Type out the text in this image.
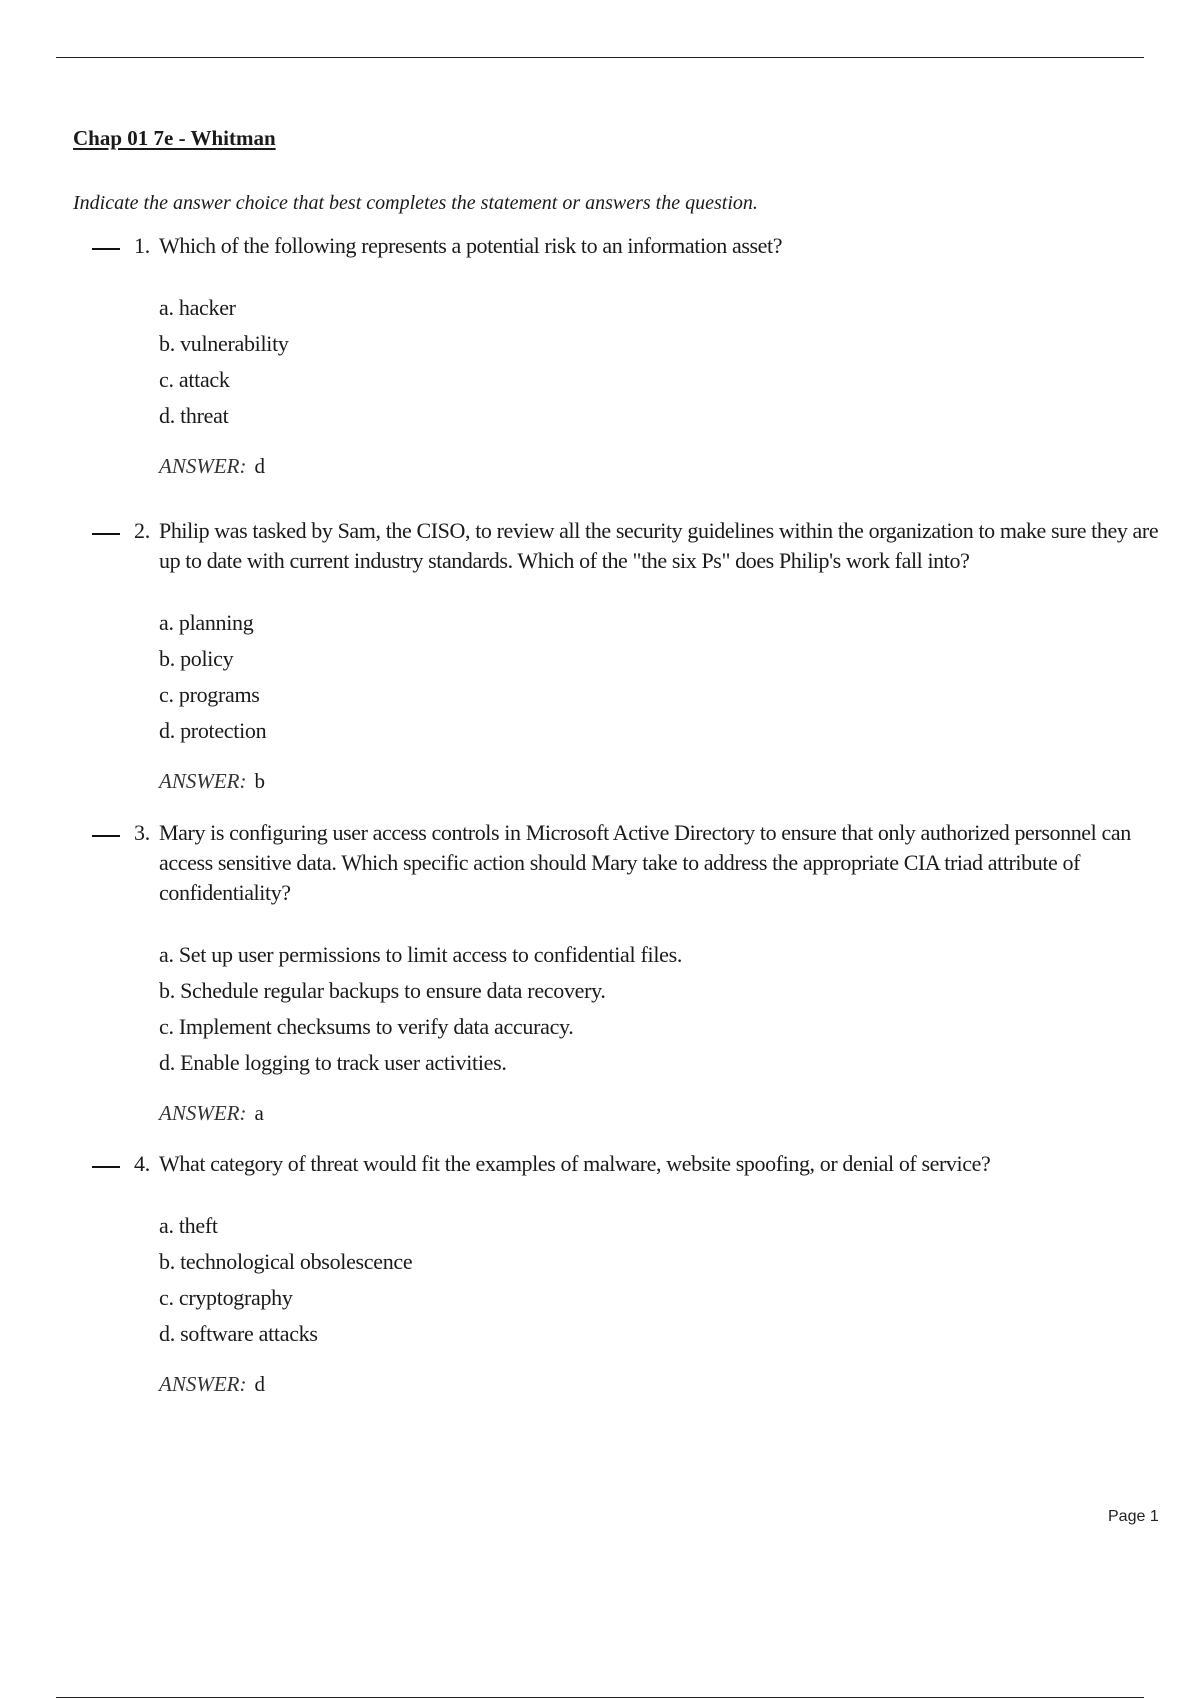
Chap 01 7e - Whitman

Indicate the answer choice that best completes the statement or answers the question.

1. Which of the following represents a potential risk to an information asset?
a. hacker
b. vulnerability
c. attack
d. threat
ANSWER: d
2. Philip was tasked by Sam, the CISO, to review all the security guidelines within the organization to make sure they are up to date with current industry standards. Which of the "the six Ps" does Philip's work fall into?
a. planning
b. policy
c. programs
d. protection
ANSWER: b
3. Mary is configuring user access controls in Microsoft Active Directory to ensure that only authorized personnel can access sensitive data. Which specific action should Mary take to address the appropriate CIA triad attribute of confidentiality?
a. Set up user permissions to limit access to confidential files.
b. Schedule regular backups to ensure data recovery.
c. Implement checksums to verify data accuracy.
d. Enable logging to track user activities.
ANSWER: a
4. What category of threat would fit the examples of malware, website spoofing, or denial of service?
a. theft
b. technological obsolescence
c. cryptography
d. software attacks
ANSWER: d
Page 1
